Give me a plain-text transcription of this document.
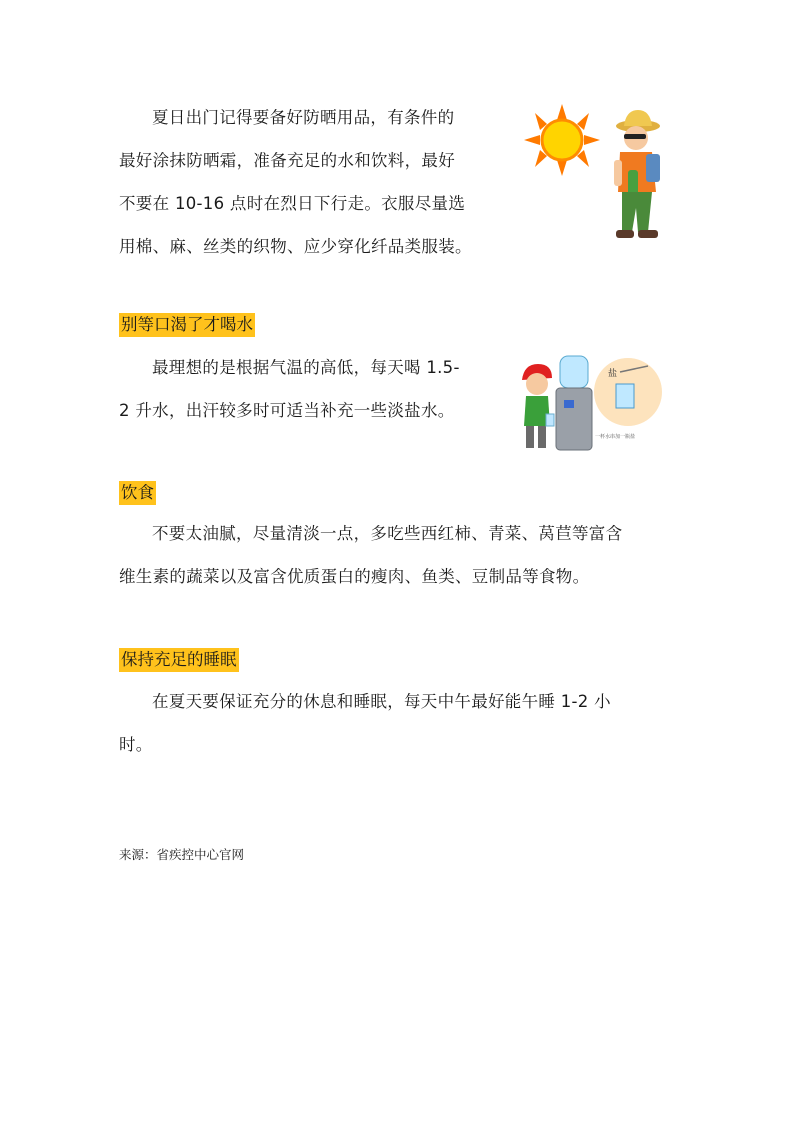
夏日出门记得要备好防晒用品，有条件的
最好涂抹防晒霜，准备充足的水和饮料，最好
不要在 10-16 点时在烈日下行走。衣服尽量选
用棉、麻、丝类的织物、应少穿化纤品类服装。
别等口渴了才喝水
最理想的是根据气温的高低，每天喝 1.5-
2 升水，出汗较多时可适当补充一些淡盐水。
盐
一杯水串加一瓶盐
饮食
不要太油腻，尽量清淡一点，多吃些西红柿、青菜、莴苣等富含
维生素的蔬菜以及富含优质蛋白的瘦肉、鱼类、豆制品等食物。
保持充足的睡眠
在夏天要保证充分的休息和睡眠，每天中午最好能午睡 1-2 小
时。
来源：省疾控中心官网
